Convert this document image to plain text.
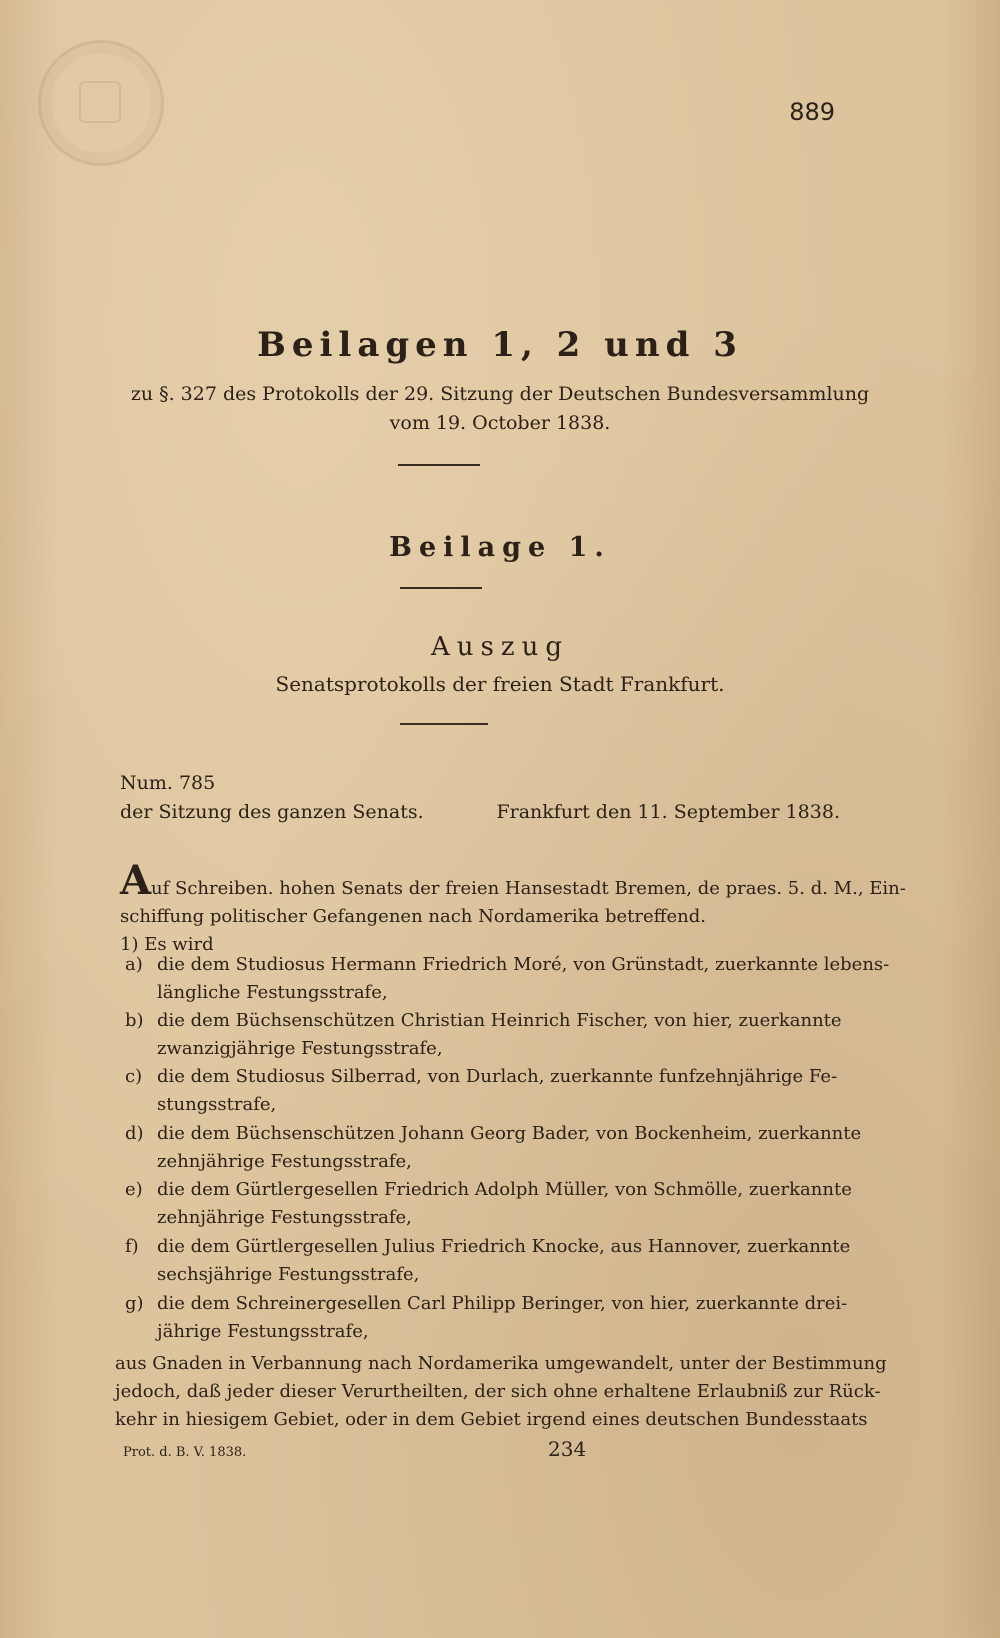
889
Beilagen 1, 2 und 3
zu §. 327 des Protokolls der 29. Sitzung der Deutschen Bundesversammlung
vom 19. October 1838.
Beilage 1.
Auszug
Senatsprotokolls der freien Stadt Frankfurt.
Num. 785
der Sitzung des ganzen Senats.	Frankfurt den 11. September 1838.
Auf Schreiben. hohen Senats der freien Hansestadt Bremen, de praes. 5. d. M., Ein-
schiffung politischer Gefangenen nach Nordamerika betreffend.
1) Es wird
a) die dem Studiosus Hermann Friedrich Moré, von Grünstadt, zuerkannte lebens-
längliche Festungsstrafe,
b) die dem Büchsenschützen Christian Heinrich Fischer, von hier, zuerkannte
zwanzigjährige Festungsstrafe,
c) die dem Studiosus Silberrad, von Durlach, zuerkannte funfzehnjährige Fe-
stungsstrafe,
d) die dem Büchsenschützen Johann Georg Bader, von Bockenheim, zuerkannte
zehnjährige Festungsstrafe,
e) die dem Gürtlergesellen Friedrich Adolph Müller, von Schmölle, zuerkannte
zehnjährige Festungsstrafe,
f) die dem Gürtlergesellen Julius Friedrich Knocke, aus Hannover, zuerkannte
sechsjährige Festungsstrafe,
g) die dem Schreinergesellen Carl Philipp Beringer, von hier, zuerkannte drei-
jährige Festungsstrafe,
aus Gnaden in Verbannung nach Nordamerika umgewandelt, unter der Bestimmung
jedoch, daß jeder dieser Verurtheilten, der sich ohne erhaltene Erlaubniß zur Rück-
kehr in hiesigem Gebiet, oder in dem Gebiet irgend eines deutschen Bundesstaats
Prot. d. B. V. 1838.	234
